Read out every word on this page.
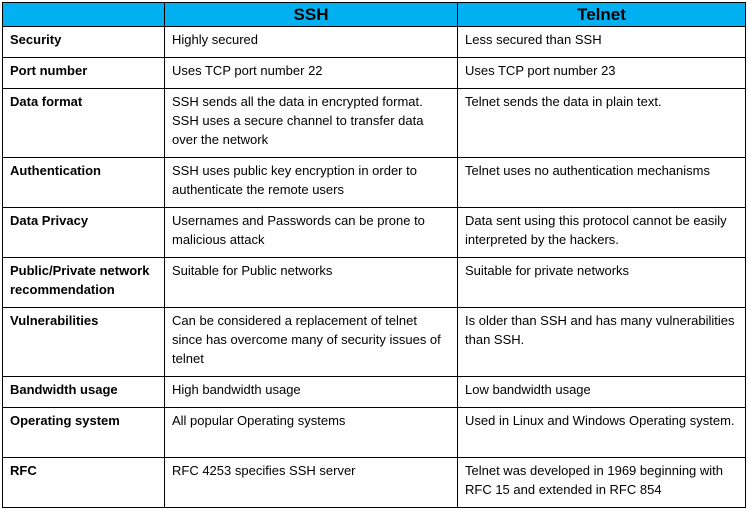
	SSH	Telnet
Security	Highly secured	Less secured than SSH
Port number	Uses TCP port number 22	Uses TCP port number 23
Data format	SSH sends all the data in encrypted format. SSH uses a secure channel to transfer data over the network	Telnet sends the data in plain text.
Authentication	SSH uses public key encryption in order to authenticate the remote users	Telnet uses no authentication mechanisms
Data Privacy	Usernames and Passwords can be prone to malicious attack	Data sent using this protocol cannot be easily interpreted by the hackers.
Public/Private network recommendation	Suitable for Public networks	Suitable for private networks
Vulnerabilities	Can be considered a replacement of telnet since has overcome many of security issues of telnet	Is older than SSH and has many vulnerabilities than SSH.
Bandwidth usage	High bandwidth usage	Low bandwidth usage
Operating system	All popular Operating systems	Used in Linux and Windows Operating system.
RFC	RFC 4253 specifies SSH server	Telnet was developed in 1969 beginning with RFC 15 and extended in RFC 854
